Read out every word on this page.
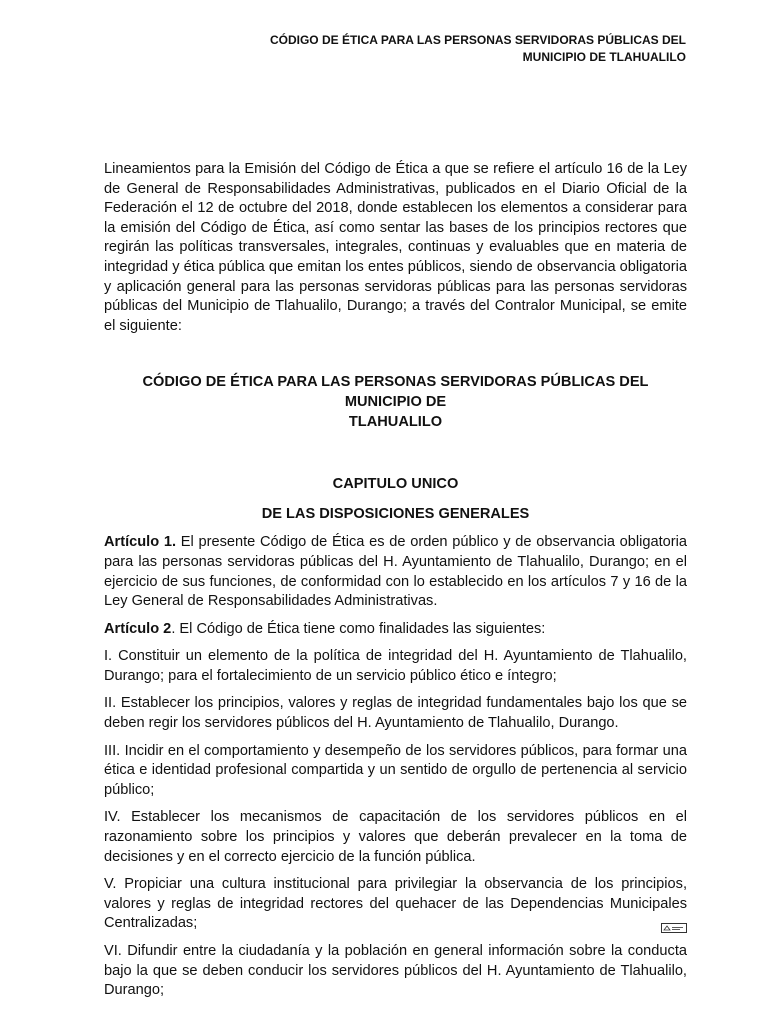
CÓDIGO DE ÉTICA PARA LAS PERSONAS SERVIDORAS PÚBLICAS DEL
MUNICIPIO DE TLAHUALILO

Lineamientos para la Emisión del Código de Ética a que se refiere el artículo 16 de la Ley de General de Responsabilidades Administrativas, publicados en el Diario Oficial de la Federación el 12 de octubre del 2018, donde establecen los elementos a considerar para la emisión del Código de Ética, así como sentar las bases de los principios rectores que regirán las políticas transversales, integrales, continuas y evaluables que en materia de integridad y ética pública que emitan los entes públicos, siendo de observancia obligatoria y aplicación general para las personas servidoras públicas para las personas servidoras públicas del Municipio de Tlahualilo, Durango; a través del Contralor Municipal, se emite el siguiente:

CÓDIGO DE ÉTICA PARA LAS PERSONAS SERVIDORAS PÚBLICAS DEL MUNICIPIO DE
TLAHUALILO

CAPITULO UNICO

DE LAS DISPOSICIONES GENERALES

Artículo 1. El presente Código de Ética es de orden público y de observancia obligatoria para las personas servidoras públicas del H. Ayuntamiento de Tlahualilo, Durango; en el ejercicio de sus funciones, de conformidad con lo establecido en los artículos 7 y 16 de la Ley General de Responsabilidades Administrativas.

Artículo 2. El Código de Ética tiene como finalidades las siguientes:

I. Constituir un elemento de la política de integridad del H. Ayuntamiento de Tlahualilo, Durango; para el fortalecimiento de un servicio público ético e íntegro;

II. Establecer los principios, valores y reglas de integridad fundamentales bajo los que se deben regir los servidores públicos del H. Ayuntamiento de Tlahualilo, Durango.

III. Incidir en el comportamiento y desempeño de los servidores públicos, para formar una ética e identidad profesional compartida y un sentido de orgullo de pertenencia al servicio público;

IV. Establecer los mecanismos de capacitación de los servidores públicos en el razonamiento sobre los principios y valores que deberán prevalecer en la toma de decisiones y en el correcto ejercicio de la función pública.

V. Propiciar una cultura institucional para privilegiar la observancia de los principios, valores y reglas de integridad rectores del quehacer de las Dependencias Municipales Centralizadas;

VI. Difundir entre la ciudadanía y la población en general información sobre la conducta bajo la que se deben conducir los servidores públicos del H. Ayuntamiento de Tlahualilo, Durango;
